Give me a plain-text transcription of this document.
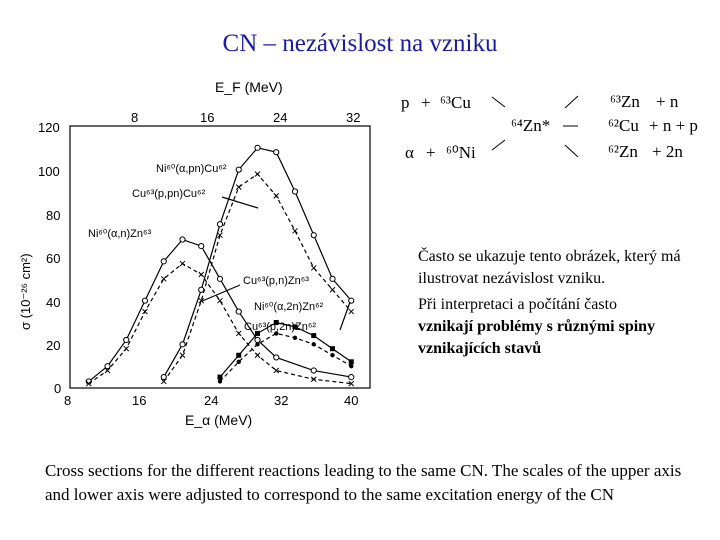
CN – nezávislost na vzniku
E_F (MeV)
E_α (MeV)
σ (10⁻²⁶ cm²)
8	16	24	32
8	16	24	32	40
0
20
40
60
80
100
120
Ni⁶⁰(α,n)Zn⁶³
Cu⁶³(p,n)Zn⁶³
Ni⁶⁰(α,pn)Cu⁶²
Cu⁶³(p,pn)Cu⁶²
Ni⁶⁰(α,2n)Zn⁶²
Cu⁶³(p,2n)Zn⁶²
p + ⁶³Cu
α + ⁶⁰Ni
⁶⁴Zn*
⁶³Zn + n
⁶²Cu + n + p
⁶²Zn + 2n

Často se ukazuje tento obrázek, který má ilustrovat nezávislost vzniku.

Při interpretaci a počítání často

vznikají problémy s různými spiny vznikajících stavů

Cross sections for the different reactions leading to the same CN. The scales of the upper axis and lower axis were adjusted to correspond to the same excitation energy of the CN
